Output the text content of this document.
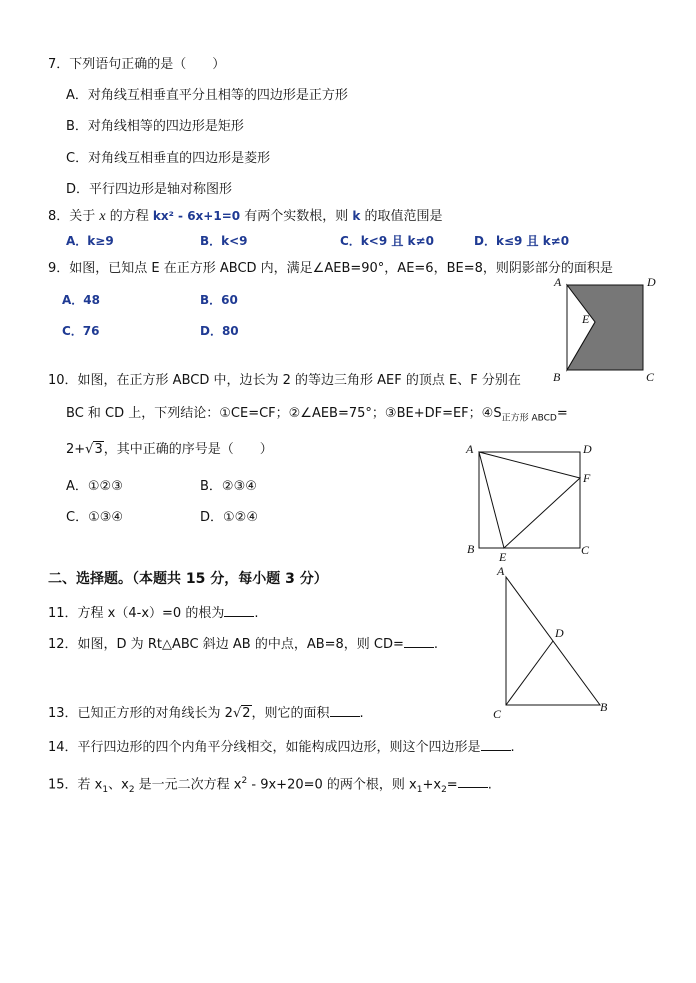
7．下列语句正确的是（　　）
A．对角线互相垂直平分且相等的四边形是正方形
B．对角线相等的四边形是矩形
C．对角线互相垂直的四边形是菱形
D．平行四边形是轴对称图形
8．关于 x 的方程 kx² - 6x+1=0 有两个实数根，则 k 的取值范围是
A．k≥9	B．k<9	C．k<9 且 k≠0	D．k≤9 且 k≠0
9．如图，已知点 E 在正方形 ABCD 内，满足∠AEB=90°，AE=6，BE=8，则阴影部分的面积是
A．48	B．60
C．76	D．80
A	D
E
B	C
10．如图，在正方形 ABCD 中，边长为 2 的等边三角形 AEF 的顶点 E、F 分别在
BC 和 CD 上，下列结论：①CE=CF；②∠AEB=75°；③BE+DF=EF；$④S_{正方形 ABCD}=$
2+√3，其中正确的序号是（　　）
A．①②③	B．②③④
C．①③④	D．①②④
A	D
F
B
E	C
二、选择题。（本题共 15 分，每小题 3 分）
11．方程 x（4-x）=0 的根为 .
12．如图，D 为 Rt△ABC 斜边 AB 的中点，AB=8，则 CD= .
A
D
C	B
13．已知正方形的对角线长为 2√2，则它的面积 .
14．平行四边形的四个内角平分线相交，如能构成四边形，则这个四边形是 .
15．若 $x_1$、$x_2$ 是一元二次方程 $x^2 - 9x+20=0$ 的两个根，则 $x_1+x_2=$ .
